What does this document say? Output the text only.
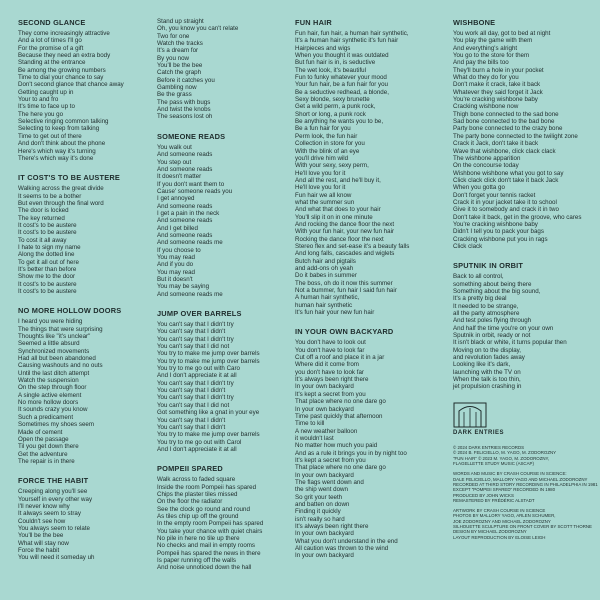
SECOND GLANCE
They come increasingly attractive
And a lot of times I'll go
For the promise of a gift
Because they need an extra body
Standing at the entrance
Be among the growing numbers
Time to dial your chance to say
Don't second glance that chance away
Getting caught up in
Your to and fro
It's time to face up to
The here you go
Selective ringing common talking
Selecting to keep from talking
Time to get out of there
And don't think about the phone
Here's which way it's turning
There's which way it's done
IT COST'S TO BE AUSTERE
Walking across the great divide
It seems to be a bother
But even through the final word
The door is locked
The key returned
It cost's to be austere
It cost's to be austere
To cost it all away
I hate to sign my name
Along the dotted line
To get it all out of here
It's better than before
Show me to the door
It cost's to be austere
It cost's to be austere
NO MORE HOLLOW DOORS
I heard you were hiding
The things that were surprising
Thoughts like "it's unclear"
Seemed a little absurd
Synchronized movements
Had all but been abandoned
Causing washouts and no outs
Until the last ditch attempt
Watch the suspension
On the step through floor
A single active element
No more hollow doors
It sounds crazy you know
Such a predicament
Sometimes my shoes seem
Made of cement
Open the passage
Til you get down there
Get the adventure
The repair is in there
FORCE THE HABIT
Creeping along you'll see
Yourself in every other way
I'll never know why
It always seem to stray
Couldn't see how
You always seem to relate
You'll be the bee
What will stay now
Force the habit
You will need it someday uh
Stand up straight
Oh, you know you can't relate
Two for one
Watch the tracks
It's a dream for
By you now
You'll be the bee
Catch the graph
Before it catches you
Gambling now
Be the grass
The pass with bugs
And twist the knobs
The seasons lost oh
SOMEONE READS
You walk out
And someone reads
You step out
And someone reads
It doesn't matter
If you don't want them to
Cause' someone reads you
I get annoyed
And someone reads
I get a pain in the neck
And someone reads
And I get billed
And someone reads
And someone reads me
If you choose to
You may read
And if you do
You may read
But it doesn't
You may be saying
And someone reads me
JUMP OVER BARRELS
You can't say that I didn't try
You can't say that I didn't
You can't say that I didn't try
You can't say that I did not
You try to make me jump over barrels
You try to make me jump over barrels
You try to me go out with Caro
And I don't appreciate it at all
You can't say that I didn't try
You can't say that I didn't
You can't say that I didn't try
You can't say that I did not
Got something like a gnat in your eye
You can't say that I didn't
You can't say that I didn't
You try to make me jump over barrels
You try to me go out with Carol
And I don't appreciate it at all
POMPEII SPARED
Walk across to faded square
Inside the room Pompeii has spared
Chips the plaster tiles missed
On the floor the radiator
See the clock go round and round
As tiles chip up off the ground
In the empty room Pompeii has spared
You take your chance with quiet chairs
No pile in here no tile up there
No checks and mail in empty rooms
Pompeii has spared the news in there
Is paper running off the walls
And noise unnoticed down the hall
FUN HAIR
Fun hair, fun hair, a human hair synthetic,
It's a human hair synthetic it's fun hair
Hairpieces and wigs
When you thought it was outdated
But fun hair is in, is seductive
The wet look, it's beautiful
Fun to funky whatever your mood
Your fun hair, be a fun hair for you
Be a seductive redhead, a blonde,
Sexy blonde, sexy brunette
Get a wild perm, a punk rock,
Short or long, a punk rock
Be anything he wants you to be,
Be a fun hair for you
Perm look, the fun hair
Collection in store for you
With the blink of an eye
you'll drive him wild
With your sexy, sexy perm,
He'll love you for it
And all the rest, and he'll buy it,
He'll love you for it
Fun hair we all know
what the summer sun
And what that does to your hair
You'll slip it on in one minute
And rocking the dance floor the next
With your fun hair, your new fun hair
Rocking the dance floor the next
Stereo flex and set-ease it's a beauty falls
And long falls, cascades and wiglets
Butch hair and pigtails
and add-ons oh yeah
Do it babes in summer
The boss, oh do it now this summer
Not a bummer, fun hair I said fun hair
A human hair synthetic,
human hair synthetic
It's fun hair your new fun hair
IN YOUR OWN BACKYARD
You don't have to look out
You don't have to look far
Cut off a roof and place it in a jar
Where did it come from
you don't have to look far
It's always been right there
In your own backyard
It's kept a secret from you
That place where no one dare go
In your own backyard
Time past quickly that afternoon
Time to kill
A new weather balloon
it wouldn't last
No matter how much you paid
And as a rule it brings you in by night too
It's kept a secret from you
That place where no one dare go
In your own backyard
The flags went down and
the ship went down
So grit your teeth
and batten on down
Finding it quickly
isn't really so hard
It's always been right there
In your own backyard
What you don't understand in the end
All caution was thrown to the wind
In your own backyard
WISHBONE
You work all day, got to bed at night
You play the game with them
And everything's alright
You go to the store for them
And pay the bills too
They'll burn a hole in your pocket
What do they do for you
Don't make it crack, take it back
Whatever they said forget it Jack
You're cracking wishbone baby
Cracking wishbone now
Thigh bone connected to the sad bone
Sad bone connected to the bad bone
Party bone connected to the crazy bone
The party bone connected to the twilight zone
Crack it Jack, don't take it back
Wave that wishbone, click clack clack
The wishbone apparition
On the concourse today
Wishbone wishbone what you got to say
Click clack click don't take it back Jack
When you gotta go
Don't forget your tennis racket
Crack it in your jacket take it to school
Give it to somebody and crack it in two
Don't take it back, get in the groove, who cares
You're cracking wishbone baby
Didn't I tell you to pack your bags
Cracking wishbone put you in rags
Click clack
SPUTNIK IN ORBIT
Back to all control,
something about being there
Something about the big sound,
It's a pretty big deal
It needed to be strange,
all the party atmosphere
And test poles flying through
And half the time you're on your own
Sputnik in orbit, ready or not
It isn't black or white, it turns popular then
Moving on to the display,
and revolution fades away
Looking like it's dark,
launching with the TV on
When the talk is too thin,
jet propulsion crashing in
DARK ENTRIES
© 2024 DARK ENTRIES RECORDS
© 2024 B. FELICIELLO, M. YAGO, M. ZODOROZNY
"FUN HAIR" © 2023 M. YAGO, M. ZODOROZNY,
FLAGELLETTE STUDY MUSIC (ASCAP)
WORDS AND MUSIC BY CRASH COURSE IN SCIENCE:
DALE FELICIELLO, MALLORY YAGO AND MICHAEL ZODOROZNY
RECORDED AT THIRD STORY RECORDING IN PHILADELPHIA IN 1981
EXCEPT "POMPEII SPARED" RECORDED IN 1980
PRODUCED BY JOHN WICKS
REMASTERED BY FRÉDÉRIC ALSTADT
ARTWORK BY CRASH COURSE IN SCIENCE
PHOTOS BY MALLORY YAGO, ARLEN SCHUMER,
JOE ZODOROZNY AND MICHAEL ZODOROZNY
SILHOUETTE SCULPTURE ON FRONT COVER BY SCOTT THORNE
DESIGN BY MICHAEL ZODOROZNY
LAYOUT REPRODUCTION BY ELOISE LEIGH
